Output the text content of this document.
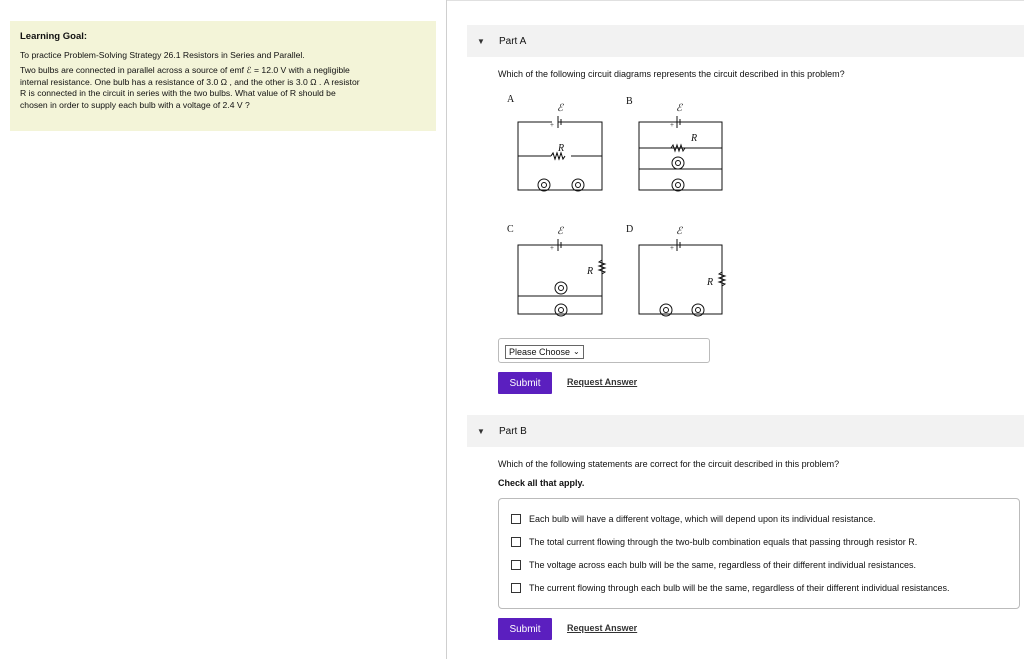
Learning Goal:
To practice Problem-Solving Strategy 26.1 Resistors in Series and Parallel.
Two bulbs are connected in parallel across a source of emf ℰ = 12.0 V with a negligible
internal resistance. One bulb has a resistance of 3.0 Ω , and the other is 3.0 Ω . A resistor
R is connected in the circuit in series with the two bulbs. What value of R should be
chosen in order to supply each bulb with a voltage of 2.4 V ?
▼	Part A
Which of the following circuit diagrams represents the circuit described in this problem?
A	B
C	D
ℰ
+
R
ℰ
+
R
ℰ
+
R
ℰ
+
R
Please Choose ⌄
Submit	Request Answer
▼	Part B
Which of the following statements are correct for the circuit described in this problem?
Check all that apply.
Each bulb will have a different voltage, which will depend upon its individual resistance.
The total current flowing through the two-bulb combination equals that passing through resistor R.
The voltage across each bulb will be the same, regardless of their different individual resistances.
The current flowing through each bulb will be the same, regardless of their different individual resistances.
Submit	Request Answer
